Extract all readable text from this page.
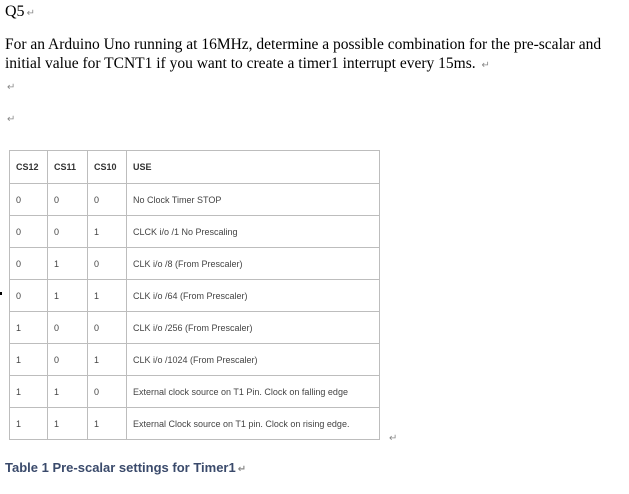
Q5 ↵
For an Arduino Uno running at 16MHz, determine a possible combination for the pre-scalar and initial value for TCNT1 if you want to create a timer1 interrupt every 15ms. ↵
↵
↵
CS12	CS11	CS10	USE
0	0	0	No Clock Timer STOP
0	0	1	CLCK i/o /1 No Prescaling
0	1	0	CLK i/o /8 (From Prescaler)
0	1	1	CLK i/o /64 (From Prescaler)
1	0	0	CLK i/o /256 (From Prescaler)
1	0	1	CLK i/o /1024 (From Prescaler)
1	1	0	External clock source on T1 Pin. Clock on falling edge
1	1	1	External Clock source on T1 pin. Clock on rising edge.
↵
Table 1 Pre-scalar settings for Timer1 ↵
